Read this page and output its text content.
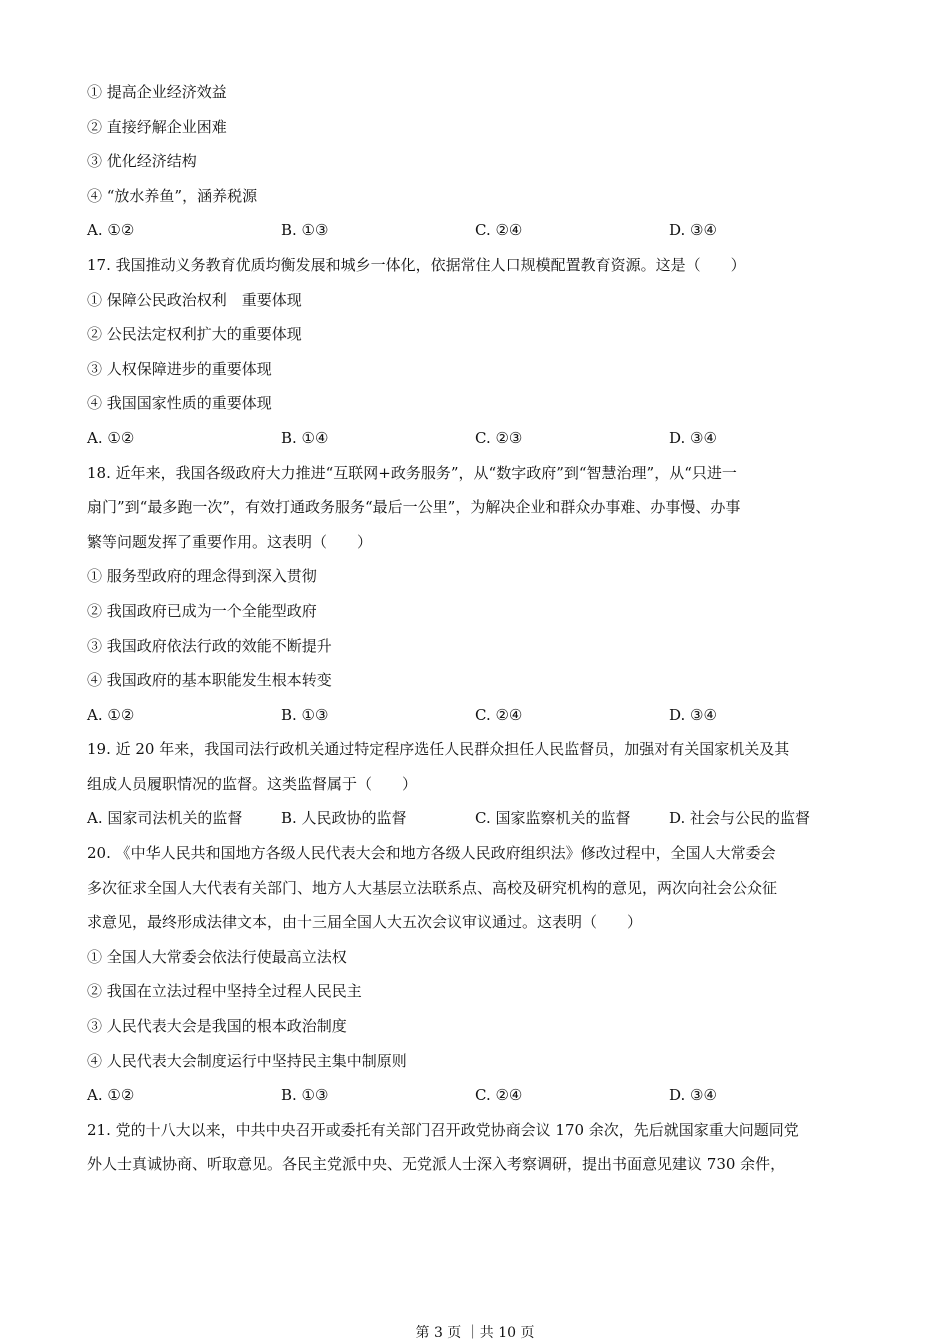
① 提高企业经济效益
② 直接纾解企业困难
③ 优化经济结构
④ “放水养鱼”，涵养税源
A. ①②	B. ①③	C. ②④	D. ③④
17. 我国推动义务教育优质均衡发展和城乡一体化，依据常住人口规模配置教育资源。这是（　　）
① 保障公民政治权利　重要体现
② 公民法定权利扩大的重要体现
③ 人权保障进步的重要体现
④ 我国国家性质的重要体现
A. ①②	B. ①④	C. ②③	D. ③④
18. 近年来，我国各级政府大力推进“互联网+政务服务”，从“数字政府”到“智慧治理”，从“只进一
扇门”到“最多跑一次”，有效打通政务服务“最后一公里”，为解决企业和群众办事难、办事慢、办事
繁等问题发挥了重要作用。这表明（　　）
① 服务型政府的理念得到深入贯彻
② 我国政府已成为一个全能型政府
③ 我国政府依法行政的效能不断提升
④ 我国政府的基本职能发生根本转变
A. ①②	B. ①③	C. ②④	D. ③④
19. 近 20 年来，我国司法行政机关通过特定程序选任人民群众担任人民监督员，加强对有关国家机关及其
组成人员履职情况的监督。这类监督属于（　　）
A. 国家司法机关的监督	B. 人民政协的监督	C. 国家监察机关的监督	D. 社会与公民的监督
20. 《中华人民共和国地方各级人民代表大会和地方各级人民政府组织法》修改过程中，全国人大常委会
多次征求全国人大代表有关部门、地方人大基层立法联系点、高校及研究机构的意见，两次向社会公众征
求意见，最终形成法律文本，由十三届全国人大五次会议审议通过。这表明（　　）
① 全国人大常委会依法行使最高立法权
② 我国在立法过程中坚持全过程人民民主
③ 人民代表大会是我国的根本政治制度
④ 人民代表大会制度运行中坚持民主集中制原则
A. ①②	B. ①③	C. ②④	D. ③④
21. 党的十八大以来，中共中央召开或委托有关部门召开政党协商会议 170 余次，先后就国家重大问题同党
外人士真诚协商、听取意见。各民主党派中央、无党派人士深入考察调研，提出书面意见建议 730 余件，
第 3 页 ｜共 10 页
